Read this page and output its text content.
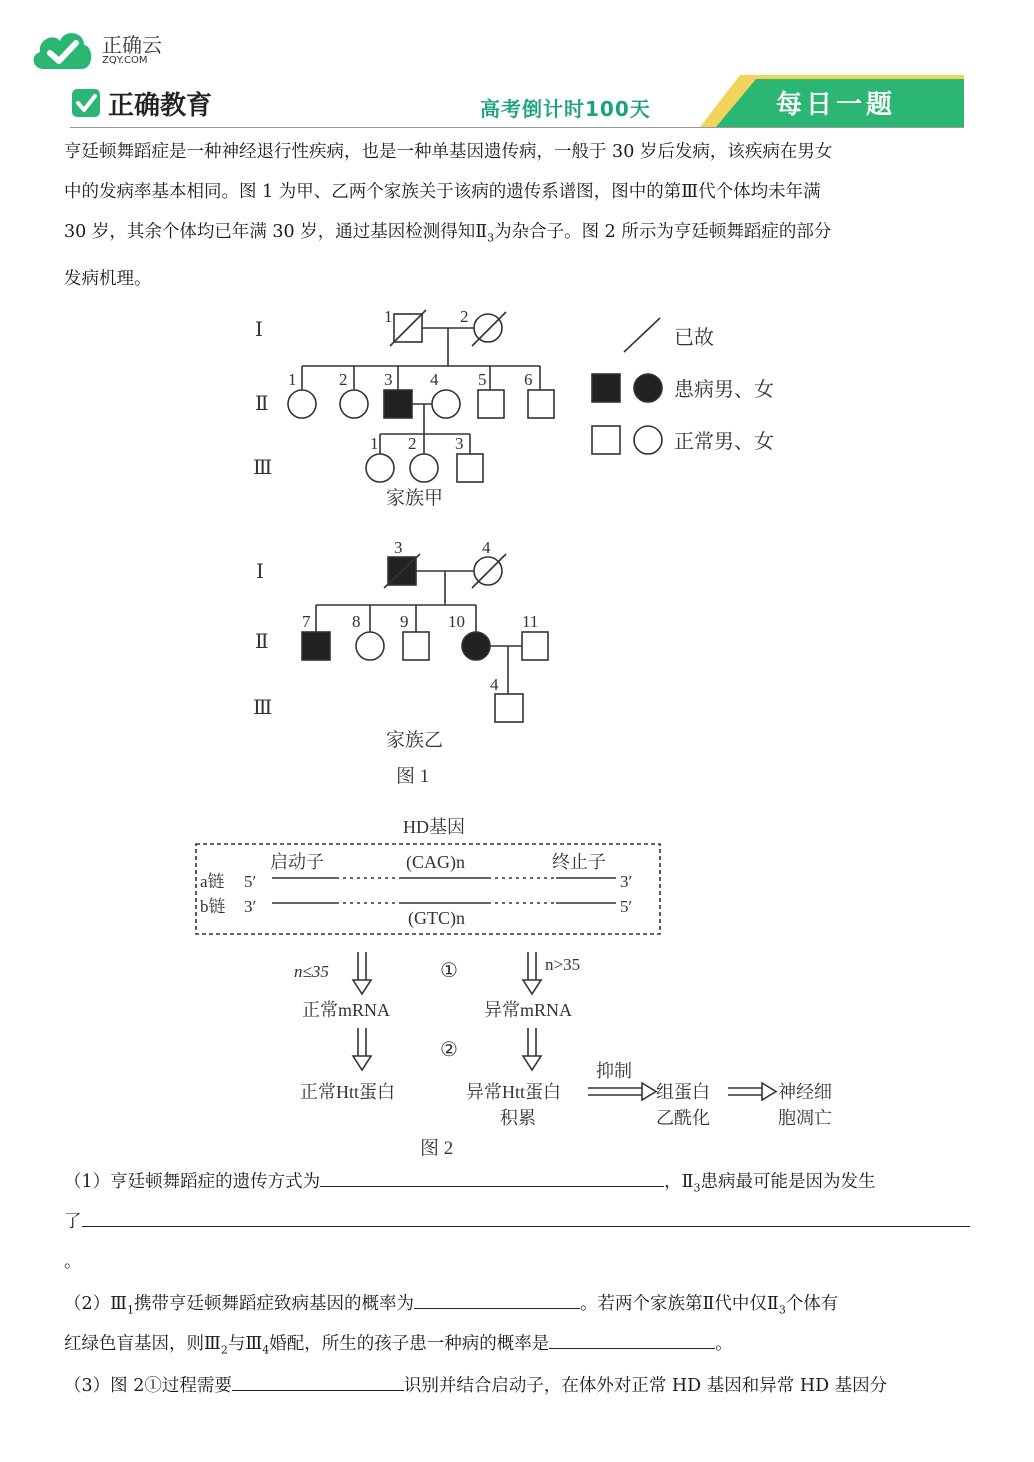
正确云
ZQY.COM
正确教育	高考倒计时100天	每日一题
亨廷顿舞蹈症是一种神经退行性疾病，也是一种单基因遗传病，一般于 30 岁后发病，该疾病在男女
中的发病率基本相同。图 1 为甲、乙两个家族关于该病的遗传系谱图，图中的第Ⅲ代个体均未年满
30 岁，其余个体均已年满 30 岁，通过基因检测得知$Ⅱ_3$为杂合子。图 2 所示为亨廷顿舞蹈症的部分
发病机理。
Ⅰ
Ⅱ
Ⅲ
1	2
1	2 3 4 5 6
1 2 3
家族甲
已故
患病男、女
正常男、女
Ⅰ
Ⅱ
Ⅲ
3	4
7 8 9 10	11
4
家族乙
图 1
HD基因
a链 5′
b链 3′
启动子	(CAG)n	终止子
3′
5′
(GTC)n
n≤35	n>35
①
正常mRNA	异常mRNA
②
正常Htt蛋白	异常Htt蛋白
积累
抑制
组蛋白
乙酰化
神经细
胞凋亡
图 2
（1）亨廷顿舞蹈症的遗传方式为	，$Ⅱ_3$患病最可能是因为发生
了
。
$(2)Ⅲ_1$携带亨廷顿舞蹈症致病基因的概率为	。若两个家族第Ⅱ代中仅$Ⅱ_3$个体有
红绿色盲基因，则$Ⅲ_2$与$Ⅲ_4$婚配，所生的孩子患一种病的概率是	。
（3）图 2①过程需要	识别并结合启动子，在体外对正常 HD 基因和异常 HD 基因分
